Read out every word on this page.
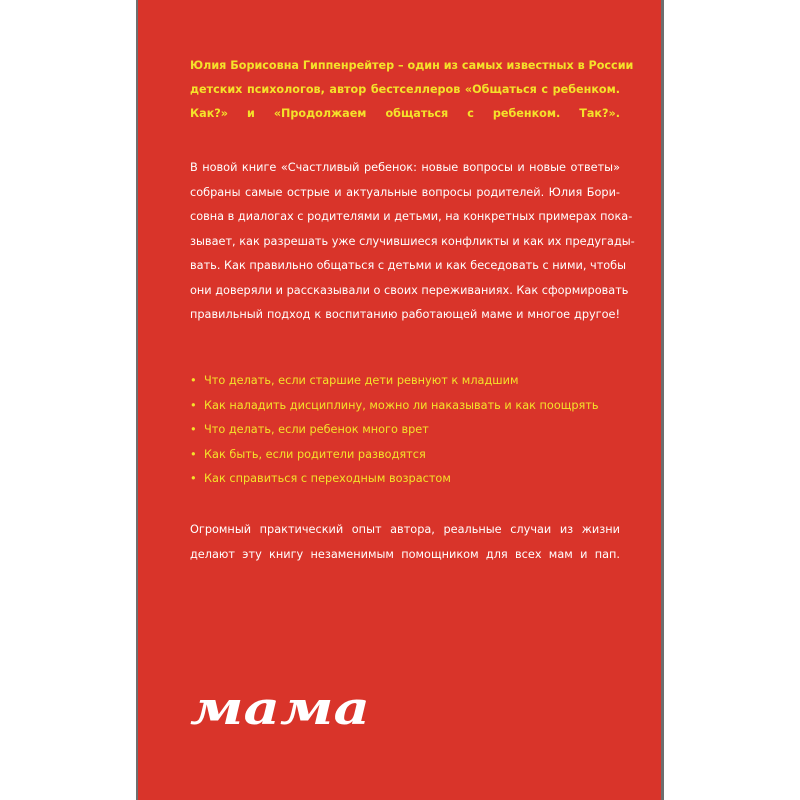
Юлия Борисовна Гиппенрейтер – один из самых известных в России
детских психологов, автор бестселлеров «Общаться с ребенком.
Как?» и «Продолжаем общаться с ребенком. Так?».

В новой книге «Счастливый ребенок: новые вопросы и новые ответы»
собраны самые острые и актуальные вопросы родителей. Юлия Бори-
совна в диалогах с родителями и детьми, на конкретных примерах пока-
зывает, как разрешать уже случившиеся конфликты и как их предугады-
вать. Как правильно общаться с детьми и как беседовать с ними, чтобы
они доверяли и рассказывали о своих переживаниях. Как сформировать
правильный подход к воспитанию работающей маме и многое другое!

• Что делать, если старшие дети ревнуют к младшим
• Как наладить дисциплину, можно ли наказывать и как поощрять
• Что делать, если ребенок много врет
• Как быть, если родители разводятся
• Как справиться с переходным возрастом

Огромный практический опыт автора, реальные случаи из жизни
делают эту книгу незаменимым помощником для всех мам и пап.

мама
